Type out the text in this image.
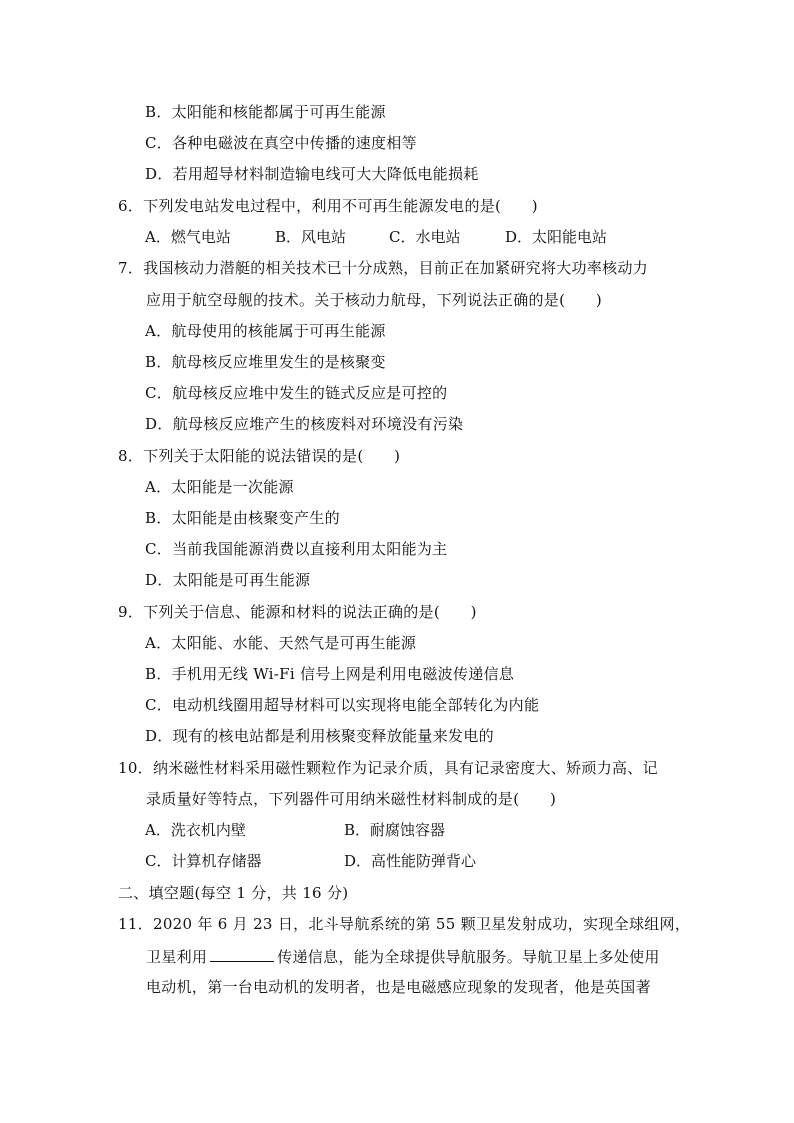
B．太阳能和核能都属于可再生能源
C．各种电磁波在真空中传播的速度相等
D．若用超导材料制造输电线可大大降低电能损耗
6．下列发电站发电过程中，利用不可再生能源发电的是(　　)
A．燃气电站	B．风电站	C．水电站	D．太阳能电站
7．我国核动力潜艇的相关技术已十分成熟，目前正在加紧研究将大功率核动力
应用于航空母舰的技术。关于核动力航母，下列说法正确的是(　　)
A．航母使用的核能属于可再生能源
B．航母核反应堆里发生的是核聚变
C．航母核反应堆中发生的链式反应是可控的
D．航母核反应堆产生的核废料对环境没有污染
8．下列关于太阳能的说法错误的是(　　)
A．太阳能是一次能源
B．太阳能是由核聚变产生的
C．当前我国能源消费以直接利用太阳能为主
D．太阳能是可再生能源
9．下列关于信息、能源和材料的说法正确的是(　　)
A．太阳能、水能、天然气是可再生能源
B．手机用无线 Wi-Fi 信号上网是利用电磁波传递信息
C．电动机线圈用超导材料可以实现将电能全部转化为内能
D．现有的核电站都是利用核聚变释放能量来发电的
10．纳米磁性材料采用磁性颗粒作为记录介质，具有记录密度大、矫顽力高、记
录质量好等特点，下列器件可用纳米磁性材料制成的是(　　)
A．洗衣机内壁	B．耐腐蚀容器
C．计算机存储器	D．高性能防弹背心
二、填空题(每空 1 分，共 16 分)
11．2020 年 6 月 23 日，北斗导航系统的第 55 颗卫星发射成功，实现全球组网，
卫星利用	传递信息，能为全球提供导航服务。导航卫星上多处使用
电动机，第一台电动机的发明者，也是电磁感应现象的发现者，他是英国著
